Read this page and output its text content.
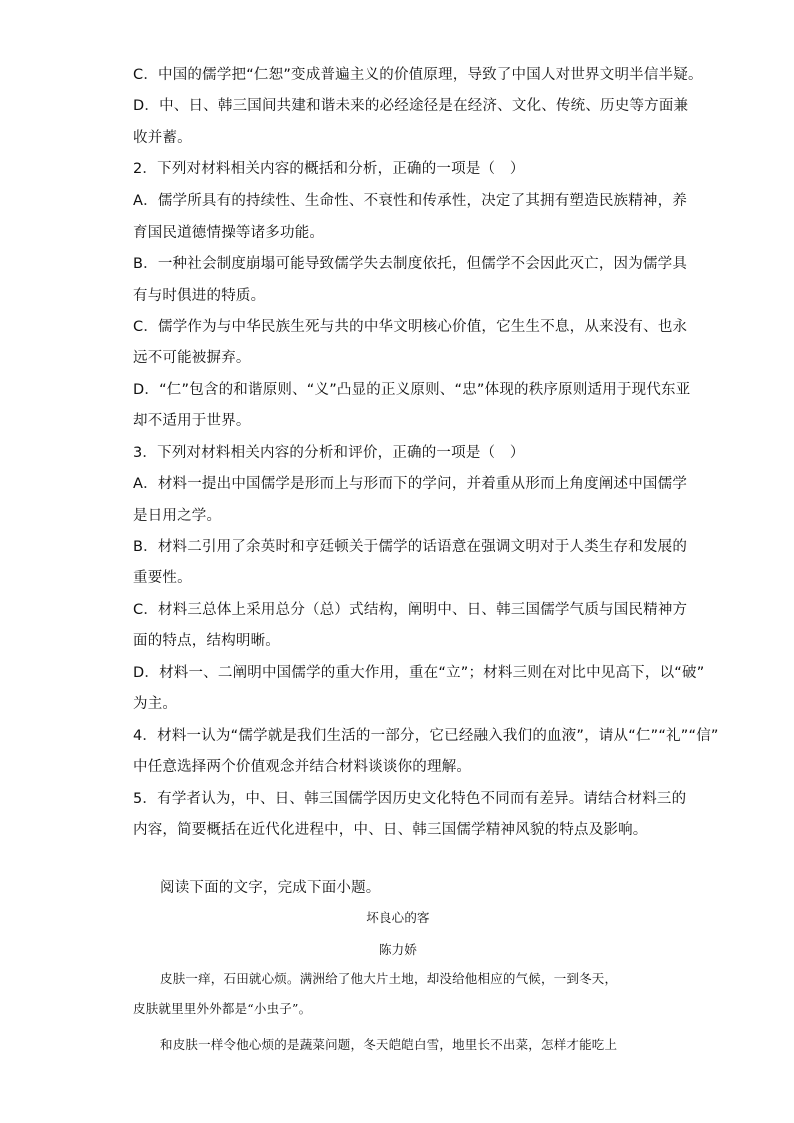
C．中国的儒学把“仁恕”变成普遍主义的价值原理，导致了中国人对世界文明半信半疑。
D．中、日、韩三国间共建和谐未来的必经途径是在经济、文化、传统、历史等方面兼
收并蓄。
2．下列对材料相关内容的概括和分析，正确的一项是（　）
A．儒学所具有的持续性、生命性、不衰性和传承性，决定了其拥有塑造民族精神，养
育国民道德情操等诸多功能。
B．一种社会制度崩塌可能导致儒学失去制度依托，但儒学不会因此灭亡，因为儒学具
有与时俱进的特质。
C．儒学作为与中华民族生死与共的中华文明核心价值，它生生不息，从来没有、也永
远不可能被摒弃。
D．“仁”包含的和谐原则、“义”凸显的正义原则、“忠”体现的秩序原则适用于现代东亚
却不适用于世界。
3．下列对材料相关内容的分析和评价，正确的一项是（　）
A．材料一提出中国儒学是形而上与形而下的学问，并着重从形而上角度阐述中国儒学
是日用之学。
B．材料二引用了余英时和亨廷顿关于儒学的话语意在强调文明对于人类生存和发展的
重要性。
C．材料三总体上采用总分（总）式结构，阐明中、日、韩三国儒学气质与国民精神方
面的特点，结构明晰。
D．材料一、二阐明中国儒学的重大作用，重在“立”；材料三则在对比中见高下，以“破”
为主。
4．材料一认为“儒学就是我们生活的一部分，它已经融入我们的血液”，请从“仁”“礼”“信”
中任意选择两个价值观念并结合材料谈谈你的理解。
5．有学者认为，中、日、韩三国儒学因历史文化特色不同而有差异。请结合材料三的
内容，简要概括在近代化进程中，中、日、韩三国儒学精神风貌的特点及影响。
阅读下面的文字，完成下面小题。
坏良心的客
陈力娇
皮肤一痒，石田就心烦。满洲给了他大片土地，却没给他相应的气候，一到冬天，
皮肤就里里外外都是“小虫子”。
和皮肤一样令他心烦的是蔬菜问题，冬天皑皑白雪，地里长不出菜，怎样才能吃上
